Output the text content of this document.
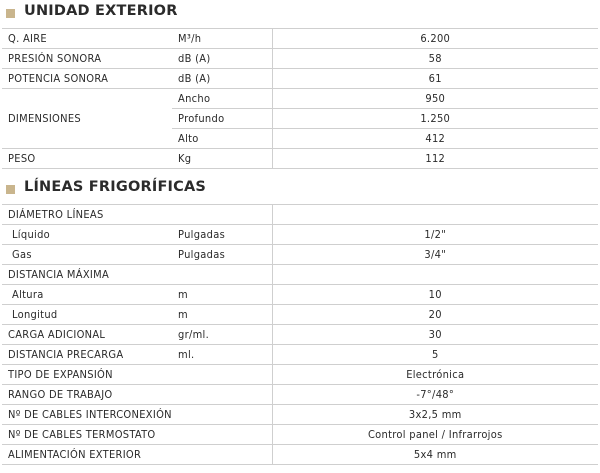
UNIDAD EXTERIOR
Q. AIRE	M³/h	6.200
PRESIÓN SONORA	dB (A)	58
POTENCIA SONORA	dB (A)	61
DIMENSIONES	Ancho	950
	Profundo	1.250
	Alto	412
PESO	Kg	112
LÍNEAS FRIGORÍFICAS
DIÁMETRO LÍNEAS		
Líquido	Pulgadas	1/2"
Gas	Pulgadas	3/4"
DISTANCIA MÁXIMA		
Altura	m	10
Longitud	m	20
CARGA ADICIONAL	gr/ml.	30
DISTANCIA PRECARGA	ml.	5
TIPO DE EXPANSIÓN		Electrónica
RANGO DE TRABAJO		-7°/48°
Nº DE CABLES INTERCONEXIÓN		3x2,5 mm
Nº DE CABLES TERMOSTATO		Control panel / Infrarrojos
ALIMENTACIÓN EXTERIOR		5x4 mm
